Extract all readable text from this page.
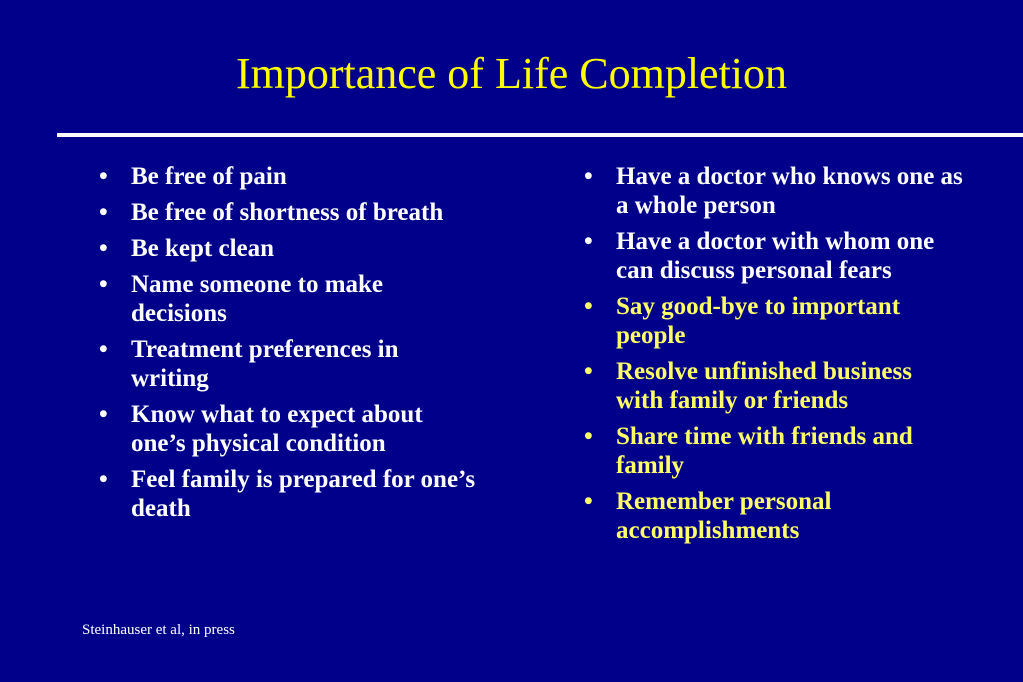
Importance of Life Completion
• Be free of pain
• Be free of shortness of breath
• Be kept clean
• Name someone to make decisions
• Treatment preferences in writing
• Know what to expect about one’s physical condition
• Feel family is prepared for one’s death
• Have a doctor who knows one as a whole person
• Have a doctor with whom one can discuss personal fears
• Say good-bye to important people
• Resolve unfinished business with family or friends
• Share time with friends and family
• Remember personal accomplishments
Steinhauser et al, in press
